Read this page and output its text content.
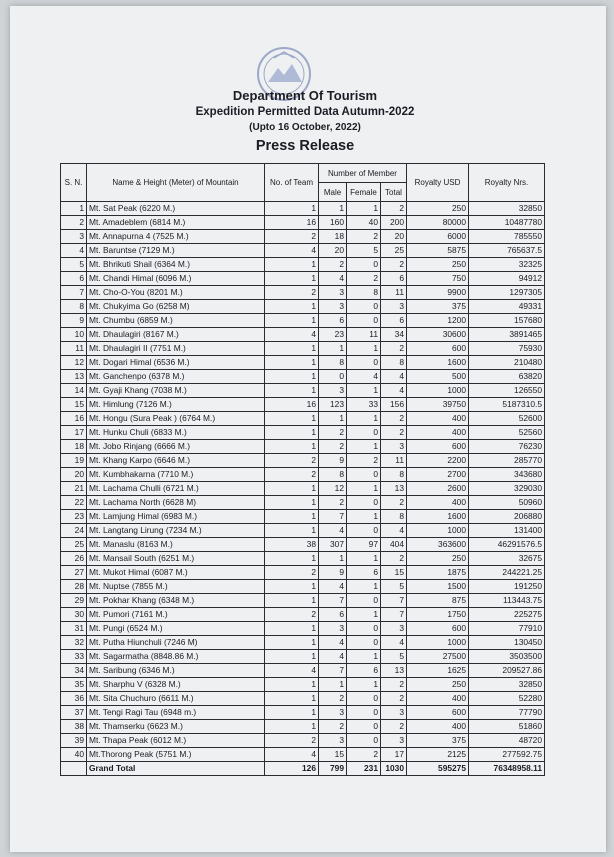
Department Of Tourism

Expedition Permitted Data Autumn-2022

(Upto 16 October, 2022)

Press Release

S. N.	Name & Height (Meter) of Mountain	No. of Team	Number of Member			Royalty USD	Royalty Nrs.
			Male	Female	Total		
1	Mt. Sat Peak (6220 M.)	1	1	1	2	250	32850
2	Mt. Amadeblem (6814 M.)	16	160	40	200	80000	10487780
3	Mt. Annapurna 4 (7525 M.)	2	18	2	20	6000	785550
4	Mt. Baruntse (7129 M.)	4	20	5	25	5875	765637.5
5	Mt. Bhrikuti Shail (6364 M.)	1	2	0	2	250	32325
6	Mt. Chandi Himal (6096 M.)	1	4	2	6	750	94912
7	Mt. Cho-O-You (8201 M.)	2	3	8	11	9900	1297305
8	Mt. Chukyima Go (6258 M)	1	3	0	3	375	49331
9	Mt. Chumbu (6859 M.)	1	6	0	6	1200	157680
10	Mt. Dhaulagiri (8167 M.)	4	23	11	34	30600	3891465
11	Mt. Dhaulagiri II (7751 M.)	1	1	1	2	600	75930
12	Mt. Dogari Himal (6536 M.)	1	8	0	8	1600	210480
13	Mt. Ganchenpo (6378 M.)	1	0	4	4	500	63820
14	Mt. Gyaji Khang (7038 M.)	1	3	1	4	1000	126550
15	Mt. Himlung (7126 M.)	16	123	33	156	39750	5187310.5
16	Mt. Hongu (Sura Peak ) (6764 M.)	1	1	1	2	400	52600
17	Mt. Hunku Chuli (6833 M.)	1	2	0	2	400	52560
18	Mt. Jobo Rinjang (6666 M.)	1	2	1	3	600	76230
19	Mt. Khang Karpo (6646 M.)	2	9	2	11	2200	285770
20	Mt. Kumbhakarna (7710 M.)	2	8	0	8	2700	343680
21	Mt. Lachama Chulli (6721 M.)	1	12	1	13	2600	329030
22	Mt. Lachama North (6628 M)	1	2	0	2	400	50960
23	Mt. Lamjung Himal (6983 M.)	1	7	1	8	1600	206880
24	Mt. Langtang Lirung (7234 M.)	1	4	0	4	1000	131400
25	Mt. Manaslu (8163 M.)	38	307	97	404	363600	46291576.5
26	Mt. Mansail South (6251 M.)	1	1	1	2	250	32675
27	Mt. Mukot Himal (6087 M.)	2	9	6	15	1875	244221.25
28	Mt. Nuptse (7855 M.)	1	4	1	5	1500	191250
29	Mt. Pokhar Khang (6348 M.)	1	7	0	7	875	113443.75
30	Mt. Pumori (7161 M.)	2	6	1	7	1750	225275
31	Mt. Pungi (6524 M.)	1	3	0	3	600	77910
32	Mt. Putha Hiunchuli (7246 M)	1	4	0	4	1000	130450
33	Mt. Sagarmatha (8848.86 M.)	1	4	1	5	27500	3503500
34	Mt. Saribung (6346 M.)	4	7	6	13	1625	209527.86
35	Mt. Sharphu V (6328 M.)	1	1	1	2	250	32850
36	Mt. Sita Chuchuro (6611 M.)	1	2	0	2	400	52280
37	Mt. Tengi Ragi Tau (6948 m.)	1	3	0	3	600	77790
38	Mt. Thamserku (6623 M.)	1	2	0	2	400	51860
39	Mt. Thapa Peak (6012 M.)	2	3	0	3	375	48720
40	Mt.Thorong Peak (5751 M.)	4	15	2	17	2125	277592.75
	Grand Total	126	799	231	1030	595275	76348958.11
